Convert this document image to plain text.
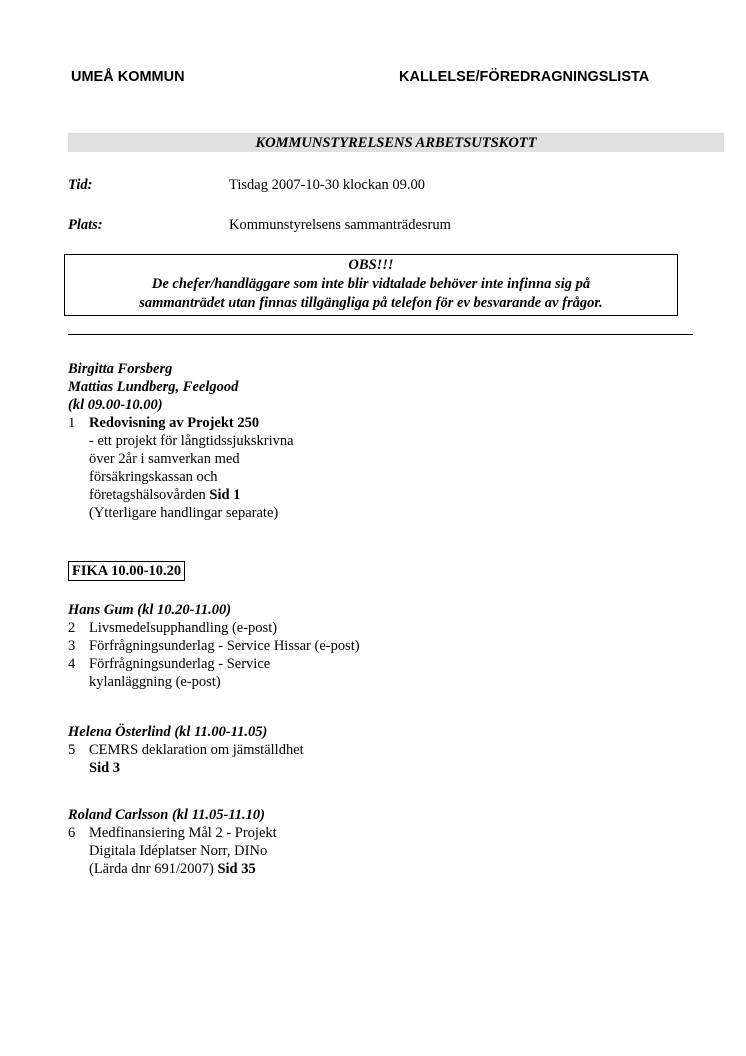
UMEÅ KOMMUN	KALLELSE/FÖREDRAGNINGSLISTA
KOMMUNSTYRELSENS ARBETSUTSKOTT
Tid:	Tisdag 2007-10-30 klockan 09.00
Plats:	Kommunstyrelsens sammanträdesrum
OBS!!!
De chefer/handläggare som inte blir vidtalade behöver inte infinna sig på
sammanträdet utan finnas tillgängliga på telefon för ev besvarande av frågor.
Birgitta Forsberg
Mattias Lundberg, Feelgood
(kl 09.00-10.00)
1 Redovisning av Projekt 250
- ett projekt för långtidssjukskrivna
över 2år i samverkan med
försäkringskassan och
företagshälsovården Sid 1
(Ytterligare handlingar separate)
FIKA 10.00-10.20
Hans Gum (kl 10.20-11.00)
2 Livsmedelsupphandling (e-post)
3 Förfrågningsunderlag - Service Hissar (e-post)
4 Förfrågningsunderlag - Service
kylanläggning (e-post)
Helena Österlind (kl 11.00-11.05)
5 CEMRS deklaration om jämställdhet
Sid 3
Roland Carlsson (kl 11.05-11.10)
6 Medfinansiering Mål 2 - Projekt
Digitala Idéplatser Norr, DINo
(Lärda dnr 691/2007) Sid 35
